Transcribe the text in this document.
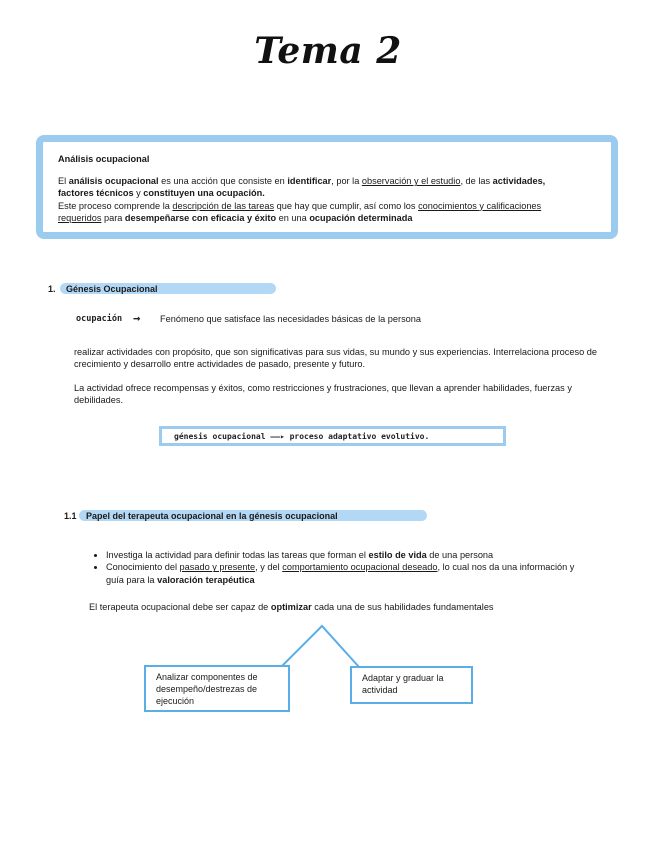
Tema 2
Análisis ocupacional
El análisis ocupacional es una acción que consiste en identificar, por la observación y el estudio, de las actividades,
factores técnicos y constituyen una ocupación.
Este proceso comprende la descripción de las tareas que hay que cumplir, así como los conocimientos y calificaciones
requeridos para desempeñarse con eficacia y éxito en una ocupación determinada
1. Génesis Ocupacional
ocupación → Fenómeno que satisface las necesidades básicas de la persona
realizar actividades con propósito, que son significativas para sus vidas, su mundo y sus experiencias. Interrelaciona proceso de crecimiento y desarrollo entre actividades de pasado, presente y futuro.
La actividad ofrece recompensas y éxitos, como restricciones y frustraciones, que llevan a aprender habilidades, fuerzas y debilidades.
génesis ocupacional ——▸ proceso adaptativo evolutivo.
1.1 Papel del terapeuta ocupacional en la génesis ocupacional
• Investiga la actividad para definir todas las tareas que forman el estilo de vida de una persona
• Conocimiento del pasado y presente, y del comportamiento ocupacional deseado, lo cual nos da una información y guía para la valoración terapéutica
El terapeuta ocupacional debe ser capaz de optimizar cada una de sus habilidades fundamentales
Analizar componentes de desempeño/destrezas de ejecución
Adaptar y graduar la actividad
